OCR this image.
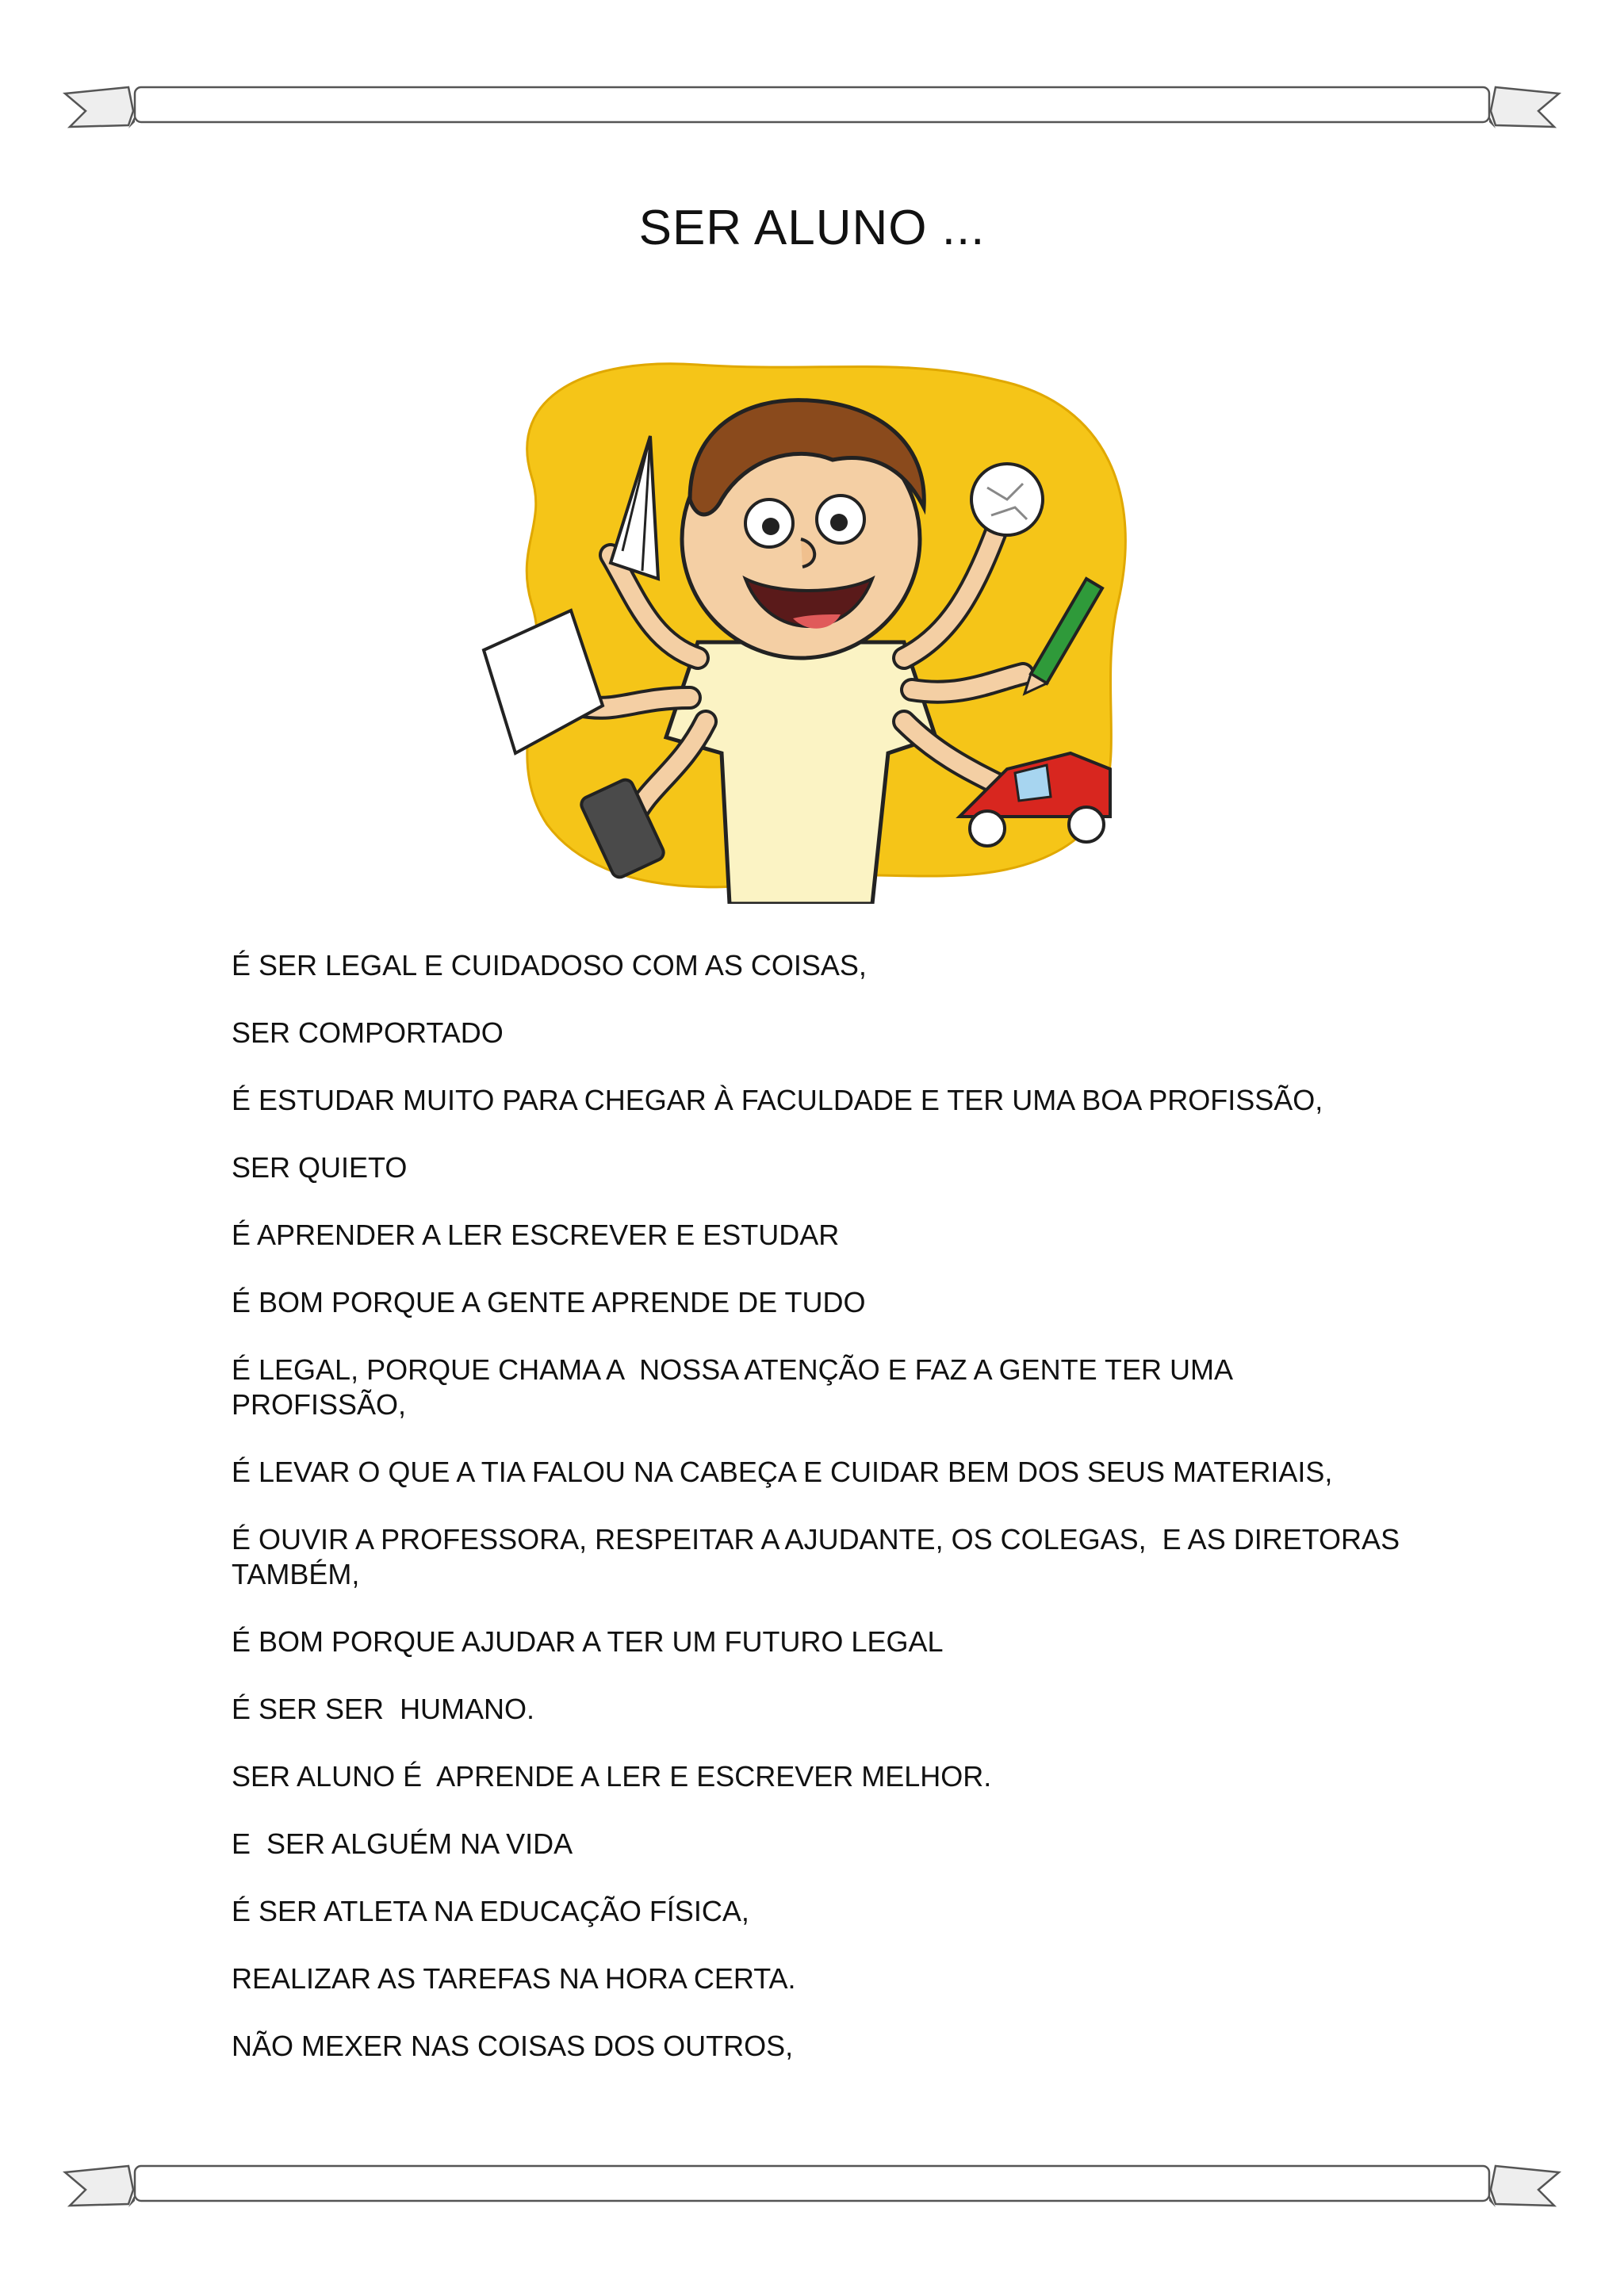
SER ALUNO ...
É SER LEGAL E CUIDADOSO COM AS COISAS,
SER COMPORTADO
É ESTUDAR MUITO PARA CHEGAR À FACULDADE E TER UMA BOA PROFISSÃO,
SER QUIETO
É APRENDER A LER ESCREVER E ESTUDAR
É BOM PORQUE A GENTE APRENDE DE TUDO
É LEGAL, PORQUE CHAMA A  NOSSA ATENÇÃO E FAZ A GENTE TER UMA PROFISSÃO,
É LEVAR O QUE A TIA FALOU NA CABEÇA E CUIDAR BEM DOS SEUS MATERIAIS,
É OUVIR A PROFESSORA, RESPEITAR A AJUDANTE, OS COLEGAS,  E AS DIRETORAS TAMBÉM,
É BOM PORQUE AJUDAR A TER UM FUTURO LEGAL
É SER SER  HUMANO.
SER ALUNO É  APRENDE A LER E ESCREVER MELHOR.
E  SER ALGUÉM NA VIDA
É SER ATLETA NA EDUCAÇÃO FÍSICA,
REALIZAR AS TAREFAS NA HORA CERTA.
NÃO MEXER NAS COISAS DOS OUTROS,
